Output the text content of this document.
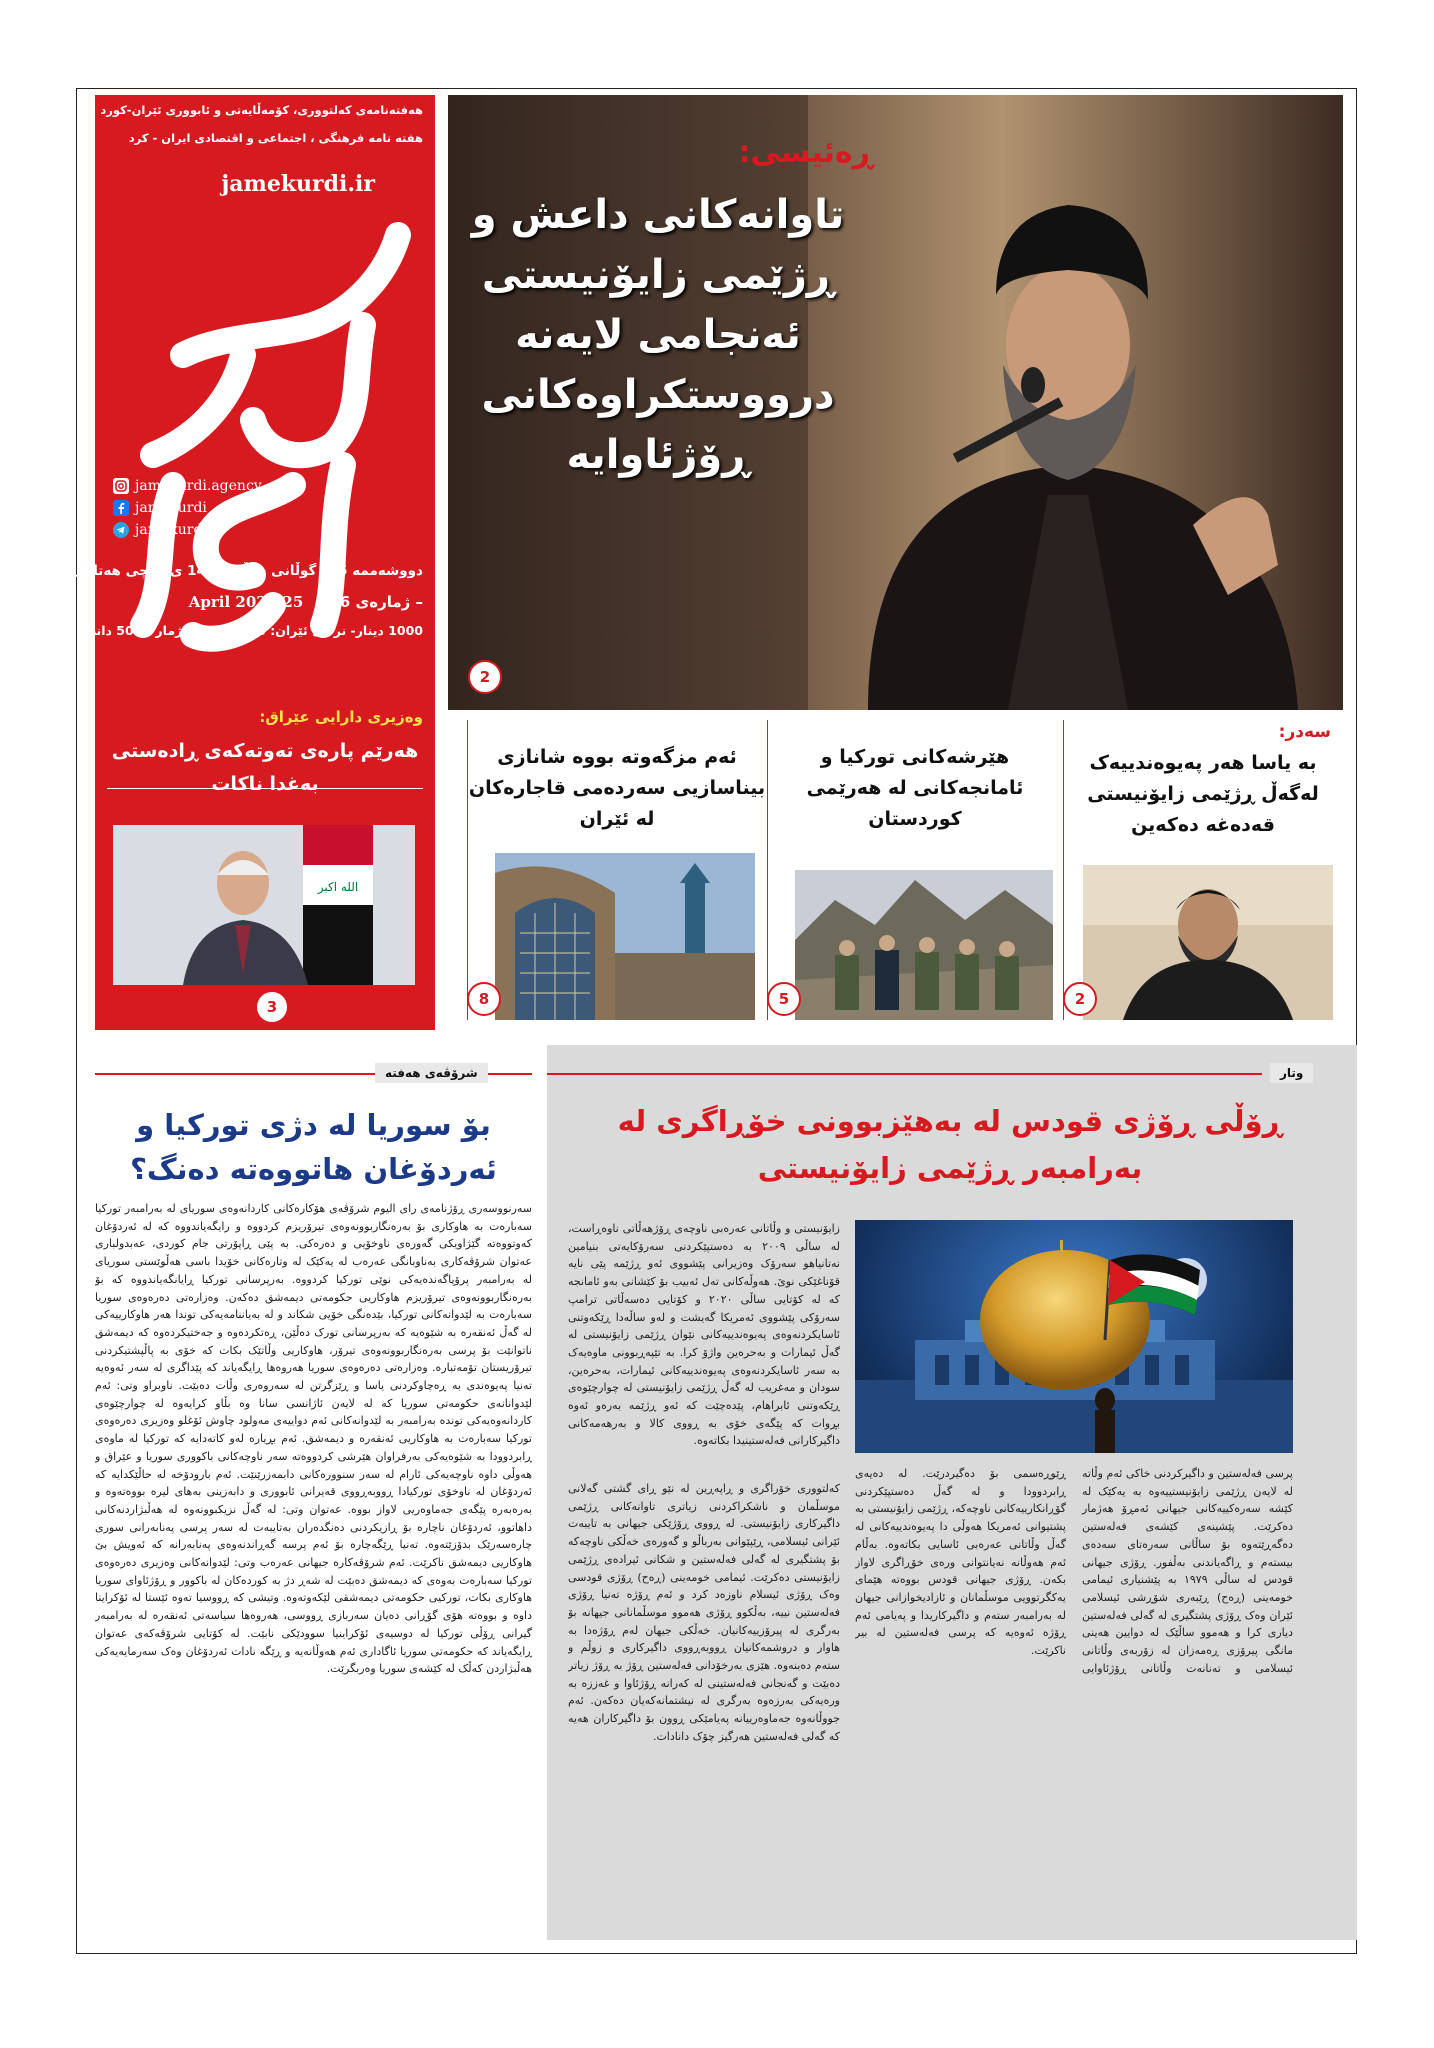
هەفتەنامەی کەلتووری، کۆمەڵایەتی و ئابووری ئێران-کورد
هفته نامه فرهنگی ، اجتماعی و اقتصادی ایران - کرد
jamekurdi.ir
جام کوردی
jamekurdi.agency
jamekurdi
jamekurdi
دووشەممە 5 ی گوڵانی ساڵی 1401 ی کۆچی هەتاوی
– ژمارەی 276   25 April 2022
1000 دینار- نرخی ئێران: 500 تمەن- تەژمار 5000 دانە
وەزیری دارایی عێراق:
هەرێم پارەی تەوتەکەی ڕادەستی بەغدا ناکات
الله اكبر
3
ڕەئیسی:
تاوانەکانی داعش و ڕژێمی زایۆنیستی ئەنجامی لایەنە درووستکراوەکانی ڕۆژئاوایە
2
سەدر:
بە یاسا هەر پەیوەندییەک لەگەڵ ڕژێمی زایۆنیستی قەدەغە دەکەین
2
هێرشەکانی تورکیا و ئامانجەکانی لە هەرێمی کوردستان
5
ئەم مزگەوتە بووە شانازی بیناسازیی سەردەمی قاجارەکان لە ئێران
8
شرۆڤەی هەفتە
بۆ سوریا لە دژی تورکیا و ئەردۆغان هاتووەتە دەنگ؟
سەرنووسەری ڕۆژنامەی رای الیوم شرۆڤەی هۆکارەکانی کاردانەوەی سوریای لە بەرامبەر تورکیا سەبارەت بە هاوکاری بۆ بەرەنگاربوونەوەی تیرۆریزم کردووە و رایگەیاندووە کە لە ئەردۆغان کەوتووەتە گێژاویکی گەورەی ناوخۆیی و دەرەکی. بە پێی ڕاپۆرتی جام کوردی، عەبدولباری عەتوان شرۆڤەکاری بەناوبانگی عەرەب لە یەکێک لە وتارەکانی خۆیدا باسی هەڵوێستی سوریای لە بەرامبەر پرۆپاگەندەیەکی نوێی تورکیا کردووە. بەرپرسانی تورکیا ڕایانگەیاندووە کە بۆ بەرەنگاربوونەوەی تیرۆریزم هاوکاریی حکومەتی دیمەشق دەکەن. وەزارەتی دەرەوەی سوریا سەبارەت بە لێدوانەکانی تورکیا، بێدەنگی خۆیی شکاند و لە بەیاننامەیەکی توندا هەر هاوکارییەکی لە گەڵ ئەنقەرە بە شێوەیە کە بەرپرسانی تورک دەڵێن، ڕەتکردەوە و جەختیکردەوە کە دیمەشق ناتوانێت بۆ پرسی بەرەنگاربوونەوەی تیرۆر، هاوکاریی وڵاتێک بکات کە خۆی بە پاڵپشتیکردنی تیرۆریستان تۆمەتبارە. وەزارەتی دەرەوەی سوریا هەروەها ڕایگەیاند کە پێداگری لە سەر ئەوەیە تەنیا پەیوەندی بە ڕەچاوکردنی یاسا و ڕێزگرتن لە سەروەری وڵات دەبێت. ناوبراو وتی: ئەم لێدوانانەی حکومەتی سوریا کە لە لایەن ئاژانسی سانا وە بڵاو کرایەوە لە چوارچێوەی کاردانەوەیەکی توندە بەرامبەر بە لێدوانەکانی ئەم دواییەی مەولود چاوش ئۆغلو وەزیری دەرەوەی تورکیا سەبارەت بە هاوکاریی ئەنقەرە و دیمەشق. ئەم بڕیارە لەو کاتەدایە کە تورکیا لە ماوەی ڕابردوودا بە شێوەیەکی بەرفراوان هێرشی کردووەتە سەر ناوچەکانی باکووری سوریا و عێراق و هەوڵی داوە ناوچەیەکی ئارام لە سەر سنوورەکانی دابمەزرێنێت. ئەم بارودۆخە لە حاڵێکدایە کە ئەردۆغان لە ناوخۆی تورکیادا ڕووبەڕووی قەیرانی ئابووری و دابەزینی بەهای لیرە بووەتەوە و بەرەبەرە پێگەی جەماوەریی لاواز بووە. عەتوان وتی: لە گەڵ نزیکبوونەوە لە هەڵبژاردنەکانی داهاتوو، ئەردۆغان ناچارە بۆ ڕازیکردنی دەنگدەران بەتایبەت لە سەر پرسی پەنابەرانی سوری چارەسەرێک بدۆزێتەوە. تەنیا ڕێگەچارە بۆ ئەم پرسە گەڕاندنەوەی پەنابەرانە کە ئەویش بێ هاوکاریی دیمەشق ناکرێت. ئەم شرۆڤەکارە جیهانی عەرەب وتی: لێدوانەکانی وەزیری دەرەوەی تورکیا سەبارەت بەوەی کە دیمەشق دەبێت لە شەڕ دژ بە کوردەکان لە باکوور و ڕۆژئاوای سوریا هاوکاری بکات، تورکیی حکومەتی دیمەشقی لێکەوتەوە. وتیشی کە ڕووسیا تەوە ئێستا لە ئۆکراینا داوە و بووەتە هۆی گۆڕانی دەیان سەربازی ڕووسی، هەروەها سیاسەتی ئەنقەرە لە بەرامبەر گیرانی ڕۆڵی تورکیا لە دوسیەی ئۆکراینیا سوودێکی نابێت. لە کۆتایی شرۆڤەکەی عەتوان ڕایگەیاند کە حکومەتی سوریا ئاگاداری ئەم هەوڵانەیە و ڕێگە نادات ئەردۆغان وەک سەرمایەیەکی هەڵبژاردن کەڵک لە کێشەی سوریا وەربگرێت.
وتار
ڕۆڵی ڕۆژی قودس لە بەهێزبوونی خۆڕاگری لە بەرامبەر ڕژێمی زایۆنیستی
زایۆنیستی و وڵاتانی عەرەبی ناوچەی ڕۆژهەڵاتی ناوەڕاست، لە ساڵی ٢٠٠٩ بە دەستپێکردنی سەرۆکایەتی بنیامین نەتانیاهو سەرۆک وەزیرانی پێشووی ئەو ڕژێمە پێی نایە قۆناغێکی نوێ. هەوڵەکانی تەل ئەبیب بۆ کێشانی بەو ئامانجە کە لە کۆتایی ساڵی ٢٠٢٠ و کۆتایی دەسەڵاتی ترامپ سەرۆکی پێشووی ئەمریکا گەیشت و لەو ساڵەدا ڕێکەوتنی ئاسایکردنەوەی پەیوەندییەکانی نێوان ڕژێمی زایۆنیستی لە گەڵ ئیمارات و بەحرەین واژۆ کرا. بە تێپەڕبوونی ماوەیەک بە سەر ئاسایکردنەوەی پەیوەندییەکانی ئیمارات، بەحرەین، سودان و مەغریب لە گەڵ ڕژێمی زایۆنیستی لە چوارچێوەی ڕێکەوتنی ئابراهام، پێدەچێت کە ئەو ڕژێمە بەرەو ئەوە بڕوات کە پێگەی خۆی بە ڕووی کالا و بەرهەمەکانی داگیرکارانی فەلەستینیدا بکاتەوە.
کەلتووری خۆراگری و ڕاپەڕین لە نێو ڕای گشتی گەلانی موسڵمان و ناشکراکردنی زیاتری تاوانەکانی ڕژێمی داگیرکاری زایۆنیستی. لە ڕووی ڕۆژێکی جیهانی بە تایبەت ئێرانی ئیسلامی، ڕێپێوانی بەرباڵو و گەورەی خەڵکی ناوچەکە بۆ پشتگیری لە گەلی فەلەستین و شکانی ئیرادەی ڕژێمی زایۆنیستی دەکرێت. ئیمامی خومەینی (ڕەح) ڕۆژی قودسی وەک ڕۆژی ئیسلام ناوزەد کرد و ئەم ڕۆژە تەنیا ڕۆژی فەلەستین نییە، بەڵکوو ڕۆژی هەموو موسڵمانانی جیهانە بۆ بەرگری لە پیرۆزییەکانیان. خەڵکی جیهان لەم ڕۆژەدا بە هاوار و دروشمەکانیان ڕووبەڕووی داگیرکاری و زوڵم و ستەم دەبنەوە. هێزی بەرخۆدانی فەلەستین ڕۆژ بە ڕۆژ زیاتر دەبێت و گەنجانی فەلەستینی لە کەرانە ڕۆژئاوا و غەززە بە ورەیەکی بەرزەوە بەرگری لە نیشتمانەکەیان دەکەن. ئەم جووڵانەوە جەماوەرییانە پەیامێکی ڕوون بۆ داگیرکاران هەیە کە گەلی فەلەستین هەرگیز چۆک دانادات.
پرسی فەلەستین و داگیرکردنی خاکی ئەم وڵاتە لە لایەن ڕژێمی زایۆنیستییەوە بە یەکێک لە کێشە سەرەکییەکانی جیهانی ئەمڕۆ هەژمار دەکرێت. پێشینەی کێشەی فەلەستین دەگەڕێتەوە بۆ ساڵانی سەرەتای سەدەی بیستەم و ڕاگەیاندنی بەڵفور. ڕۆژی جیهانی قودس لە ساڵی ١٩٧٩ بە پێشنیاری ئیمامی خومەینی (ڕەح) ڕێبەری شۆڕشی ئیسلامی ئێران وەک ڕۆژی پشتگیری لە گەلی فەلەستین دیاری کرا و هەموو ساڵێک لە دوایین هەینی مانگی پیرۆزی ڕەمەزان لە زۆربەی وڵاتانی ئیسلامی و تەنانەت وڵاتانی ڕۆژئاوایی ڕێوڕەسمی بۆ دەگیردرێت. لە دەیەی ڕابردوودا و لە گەڵ دەستپێکردنی گۆڕانکارییەکانی ناوچەکە، ڕژێمی زایۆنیستی بە پشتیوانی ئەمریکا هەوڵی دا پەیوەندییەکانی لە گەڵ وڵاتانی عەرەبی ئاسایی بکاتەوە. بەڵام ئەم هەوڵانە نەیانتوانی ورەی خۆڕاگری لاواز بکەن. ڕۆژی جیهانی قودس بووەتە هێمای یەکگرتوویی موسڵمانان و ئازادیخوازانی جیهان لە بەرامبەر ستەم و داگیرکاریدا و پەیامی ئەم ڕۆژە ئەوەیە کە پرسی فەلەستین لە بیر ناکرێت.
